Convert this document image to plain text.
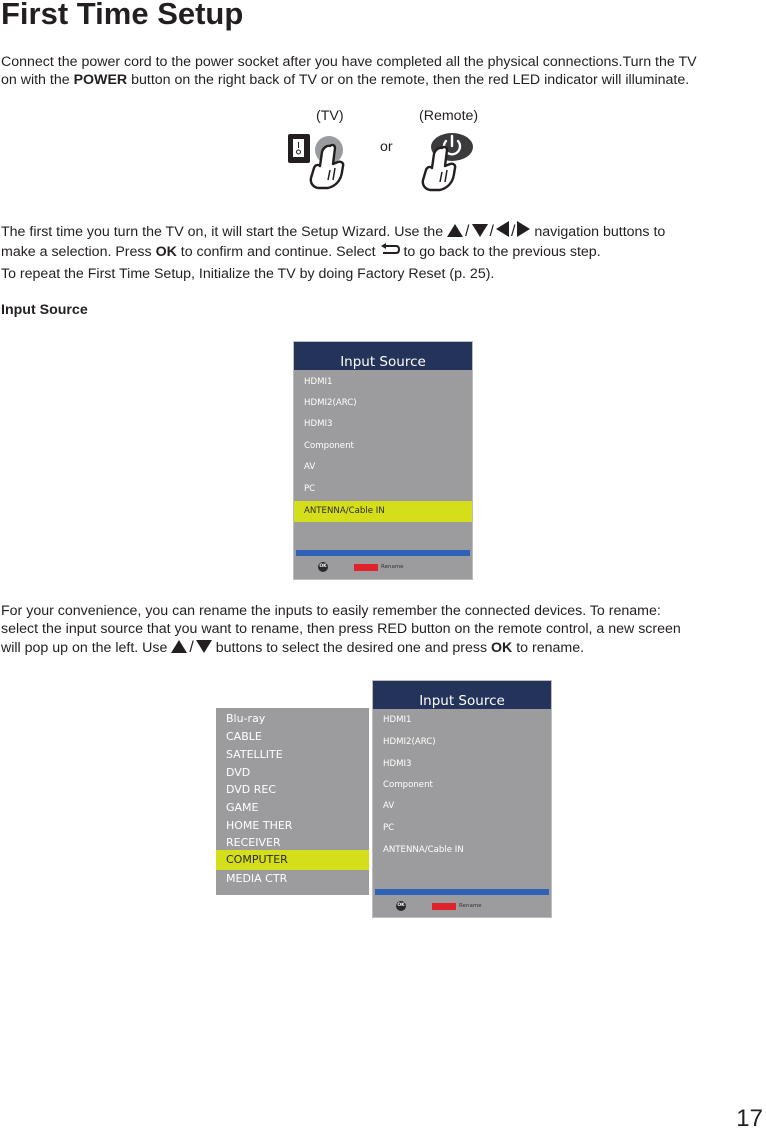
First Time Setup
Connect the power cord to the power socket after you have completed all the physical connections.Turn the TV
on with the POWER button on the right back of TV or on the remote, then the red LED indicator will illuminate.
(TV)	(Remote)
or
The first time you turn the TV on, it will start the Setup Wizard. Use the / / / navigation buttons to
make a selection. Press OK to confirm and continue. Select  to go back to the previous step.
To repeat the First Time Setup, Initialize the TV by doing Factory Reset (p. 25).
Input Source
Input Source
HDMI1
HDMI2(ARC)
HDMI3
Component
AV
PC
ANTENNA/Cable IN
OK	Rename
For your convenience, you can rename the inputs to easily remember the connected devices. To rename:
select the input source that you want to rename, then press RED button on the remote control, a new screen
will pop up on the left. Use / buttons to select the desired one and press OK to rename.
Blu-ray
CABLE
SATELLITE
DVD
DVD REC
GAME
HOME THER
RECEIVER
COMPUTER
MEDIA CTR
Input Source
HDMI1
HDMI2(ARC)
HDMI3
Component
AV
PC
ANTENNA/Cable IN
OK	Rename
17
